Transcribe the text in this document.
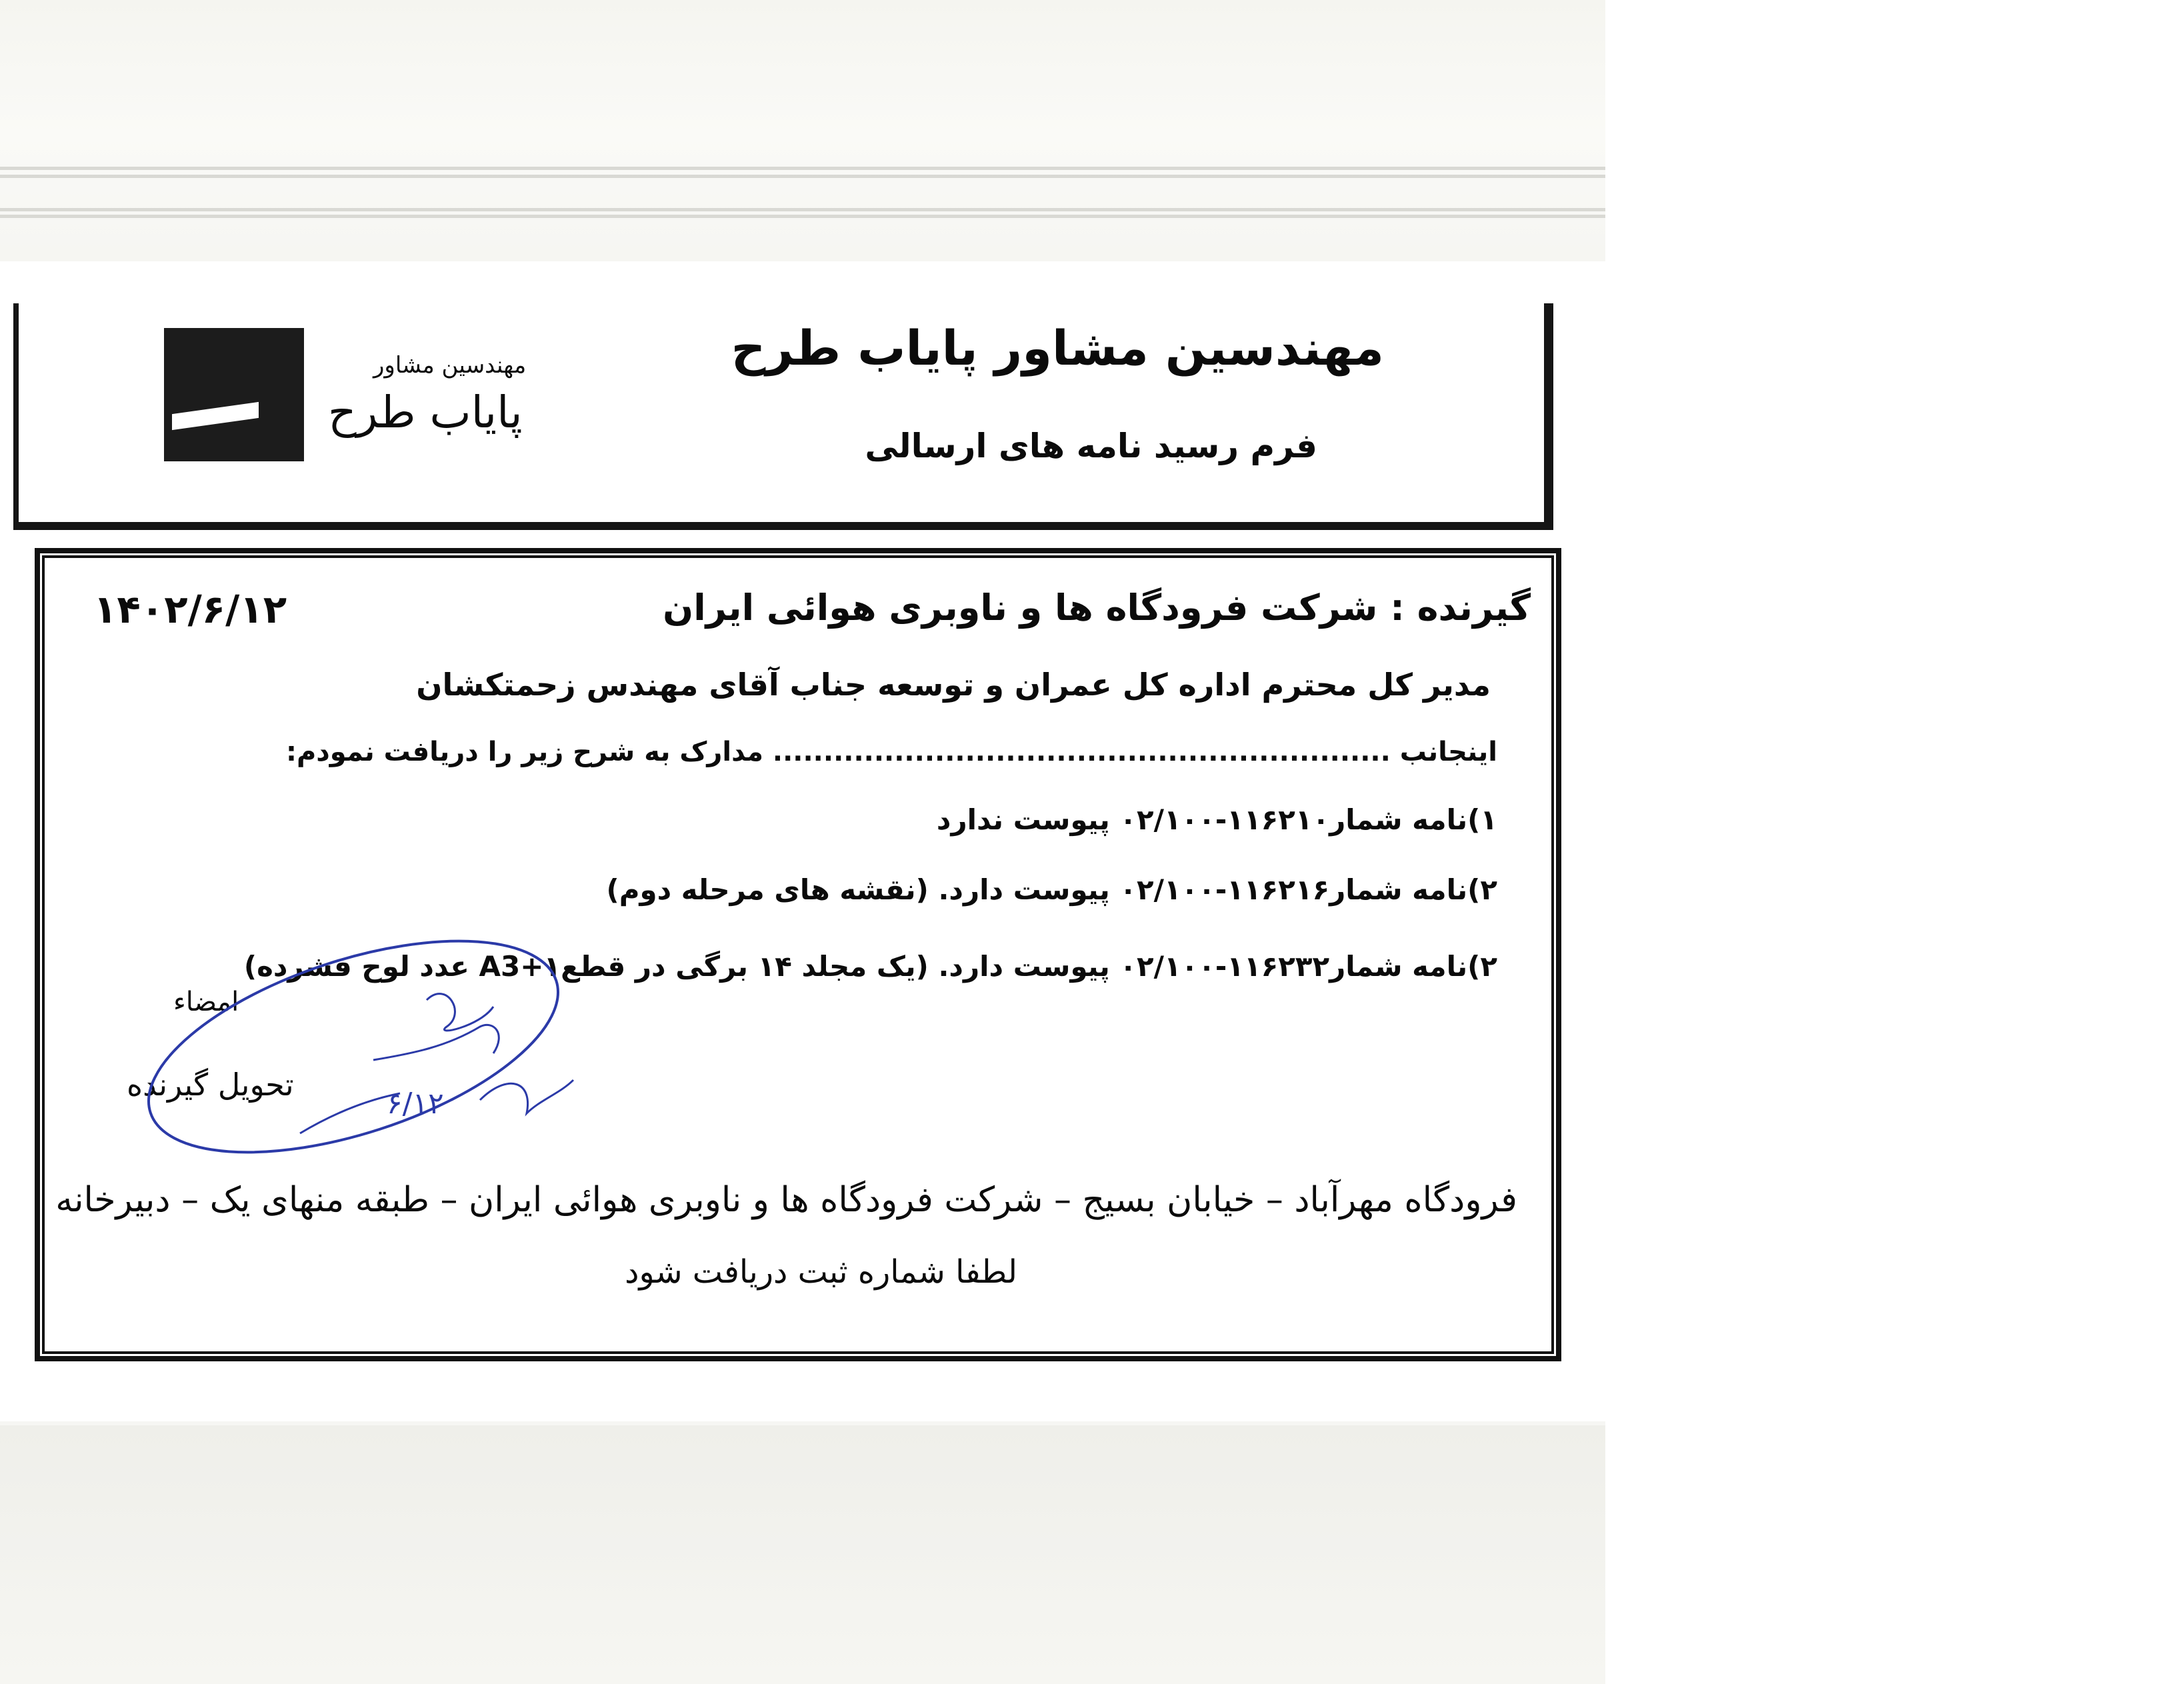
مهندسین مشاور پایاب طرح
فرم رسید نامه های ارسالی
مهندسین مشاور
پایاب طرح
گیرنده : شرکت فرودگاه ها و ناوبری هوائی ایران
۱۴۰۲/۶/۱۲
مدیر کل محترم اداره کل عمران و توسعه جناب آقای مهندس زحمتکشان
اینجانب ............................................................. مدارک به شرح زیر را دریافت نمودم:
۱)نامه شمار۱۱۶۲۱۰-۰۲/۱۰۰ پیوست ندارد
۲)نامه شمار۱۱۶۲۱۶-۰۲/۱۰۰ پیوست دارد. (نقشه های مرحله دوم)
۲)نامه شمار۱۱۶۲۳۲-۰۲/۱۰۰ پیوست دارد. (یک مجلد ۱۴ برگی در قطعA3+۱ عدد لوح فشرده)
امضاء
تحویل گیرنده
۶/۱۲
فرودگاه مهرآباد – خیابان بسیج – شرکت فرودگاه ها و ناوبری هوائی ایران – طبقه منهای یک – دبیرخانه
لطفا شماره ثبت دریافت شود
